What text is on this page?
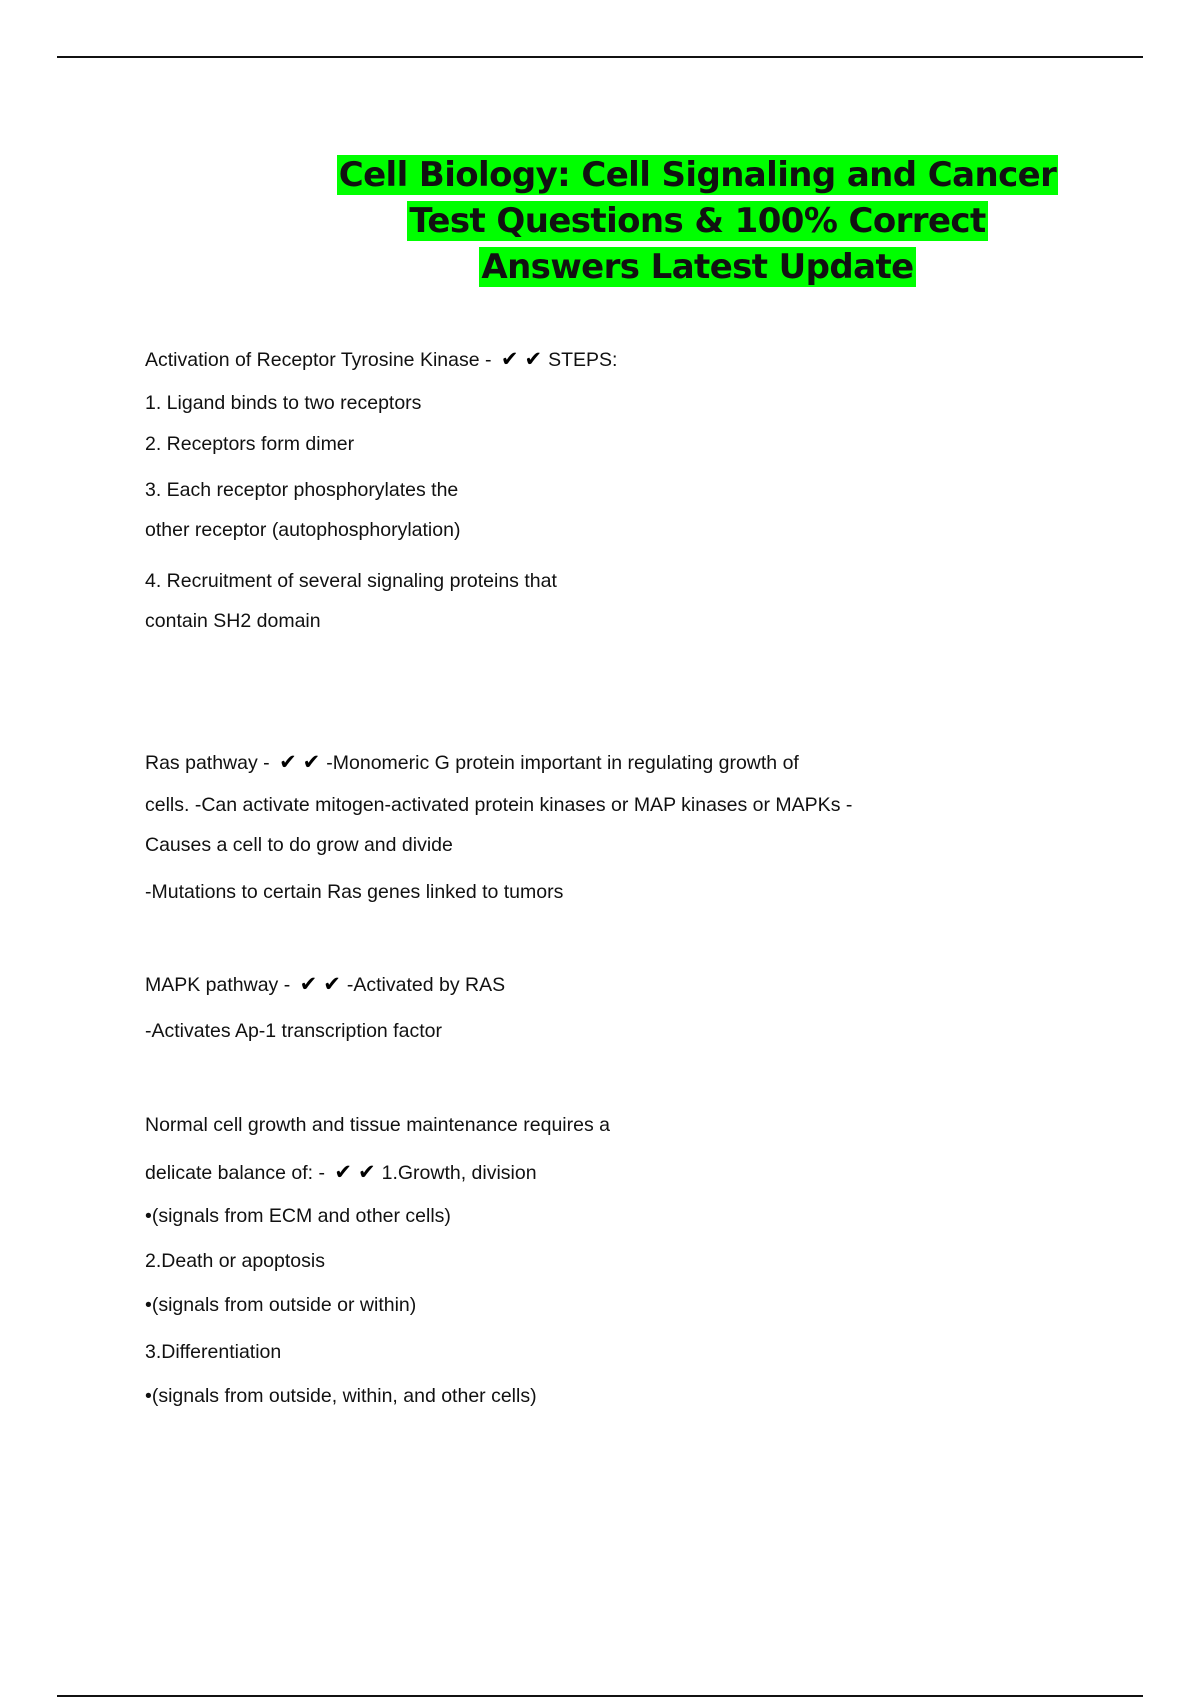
Cell Biology: Cell Signaling and Cancer Test Questions & 100% Correct Answers Latest Update

Activation of Receptor Tyrosine Kinase - ✔ ✔ STEPS:

1. Ligand binds to two receptors

2. Receptors form dimer

3. Each receptor phosphorylates the

other receptor (autophosphorylation)

4. Recruitment of several signaling proteins that

contain SH2 domain

Ras pathway - ✔ ✔ -Monomeric G protein important in regulating growth of

cells. -Can activate mitogen-activated protein kinases or MAP kinases or MAPKs -

Causes a cell to do grow and divide

-Mutations to certain Ras genes linked to tumors

MAPK pathway - ✔ ✔ -Activated by RAS

-Activates Ap-1 transcription factor

Normal cell growth and tissue maintenance requires a

delicate balance of: - ✔ ✔ 1.Growth, division

•(signals from ECM and other cells)

2.Death or apoptosis

•(signals from outside or within)

3.Differentiation

•(signals from outside, within, and other cells)
